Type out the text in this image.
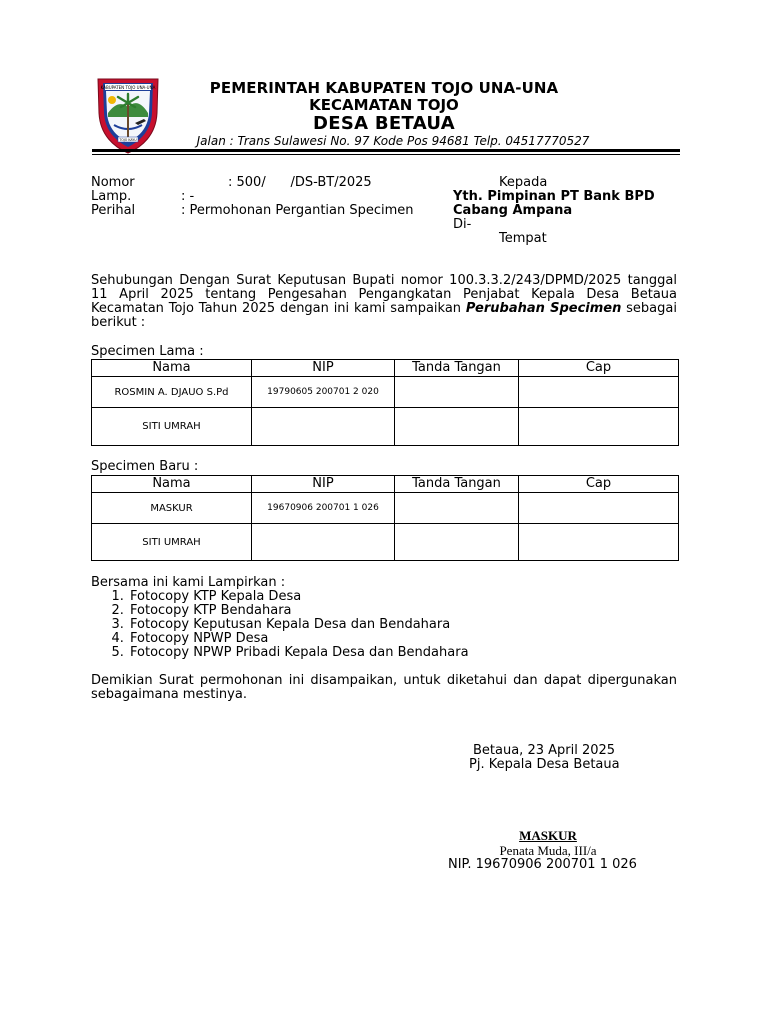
KABUPATEN TOJO UNA-UNA
TOJO KAYU
PEMERINTAH KABUPATEN TOJO UNA-UNA
KECAMATAN TOJO
DESA BETAUA
Jalan : Trans Sulawesi No. 97 Kode Pos 94681 Telp. 04517770527
Nomor	: 500/      /DS-BT/2025
Lamp.	: -
Perihal	: Permohonan Pergantian Specimen
Kepada
Yth. Pimpinan PT Bank BPD
Cabang Ampana
Di-
Tempat
Sehubungan Dengan Surat Keputusan Bupati nomor 100.3.3.2/243/DPMD/2025 tanggal 11 April 2025 tentang Pengesahan Pengangkatan Penjabat Kepala Desa Betaua Kecamatan Tojo Tahun 2025 dengan ini kami sampaikan Perubahan Specimen sebagai berikut :
Specimen Lama :
Nama	NIP	Tanda Tangan	Cap
ROSMIN A. DJAUO S.Pd	19790605 200701 2 020		
SITI UMRAH			
Specimen Baru :
Nama	NIP	Tanda Tangan	Cap
MASKUR	19670906 200701 1 026		
SITI UMRAH			
Bersama ini kami Lampirkan :
1. Fotocopy KTP Kepala Desa
2. Fotocopy KTP Bendahara
3. Fotocopy Keputusan Kepala Desa dan Bendahara
4. Fotocopy NPWP Desa
5. Fotocopy NPWP Pribadi Kepala Desa dan Bendahara
Demikian Surat permohonan ini disampaikan, untuk diketahui dan dapat dipergunakan sebagaimana mestinya.
Betaua, 23 April 2025
Pj. Kepala Desa Betaua
MASKUR
Penata Muda, III/a
NIP. 19670906 200701 1 026
